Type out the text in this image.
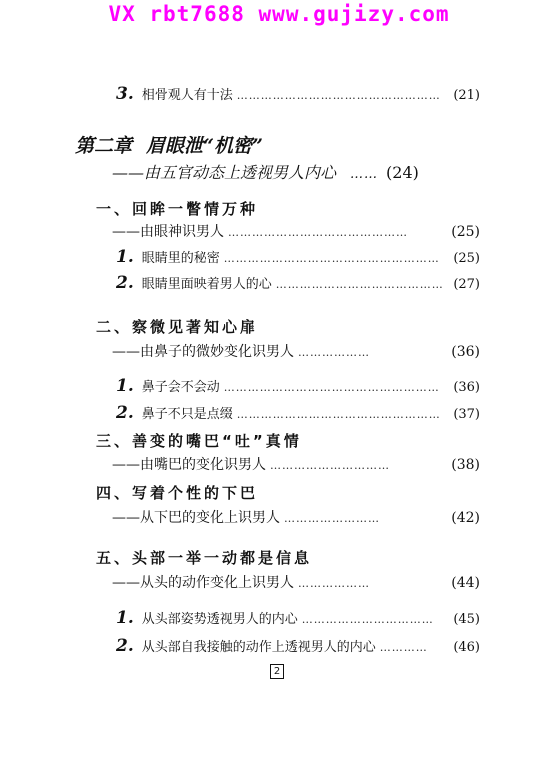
VX rbt7688 www.gujizy.com
3. 相骨观人有十法 …………………………………………… (21)
第二章 眉眼泄“机密”
——由五官动态上透视男人内心 …… (24)
一、回眸一瞥情万种
——由眼神识男人 ………………………………………	(25)
1. 眼睛里的秘密 ………………………………………………	(25)
2. 眼睛里面映着男人的心 …………………………………… (27)
二、察微见著知心扉
——由鼻子的微妙变化识男人 ………………	(36)
1. 鼻子会不会动 ………………………………………………	(36)
2. 鼻子不只是点缀 …………………………………………… (37)
三、善变的嘴巴“吐”真情
——由嘴巴的变化识男人 …………………………	(38)
四、写着个性的下巴
——从下巴的变化上识男人 ……………………	(42)
五、头部一举一动都是信息
——从头的动作变化上识男人 ………………	(44)
1. 从头部姿势透视男人的内心 ……………………………	(45)
2. 从头部自我接触的动作上透视男人的内心 …………	(46)
2
